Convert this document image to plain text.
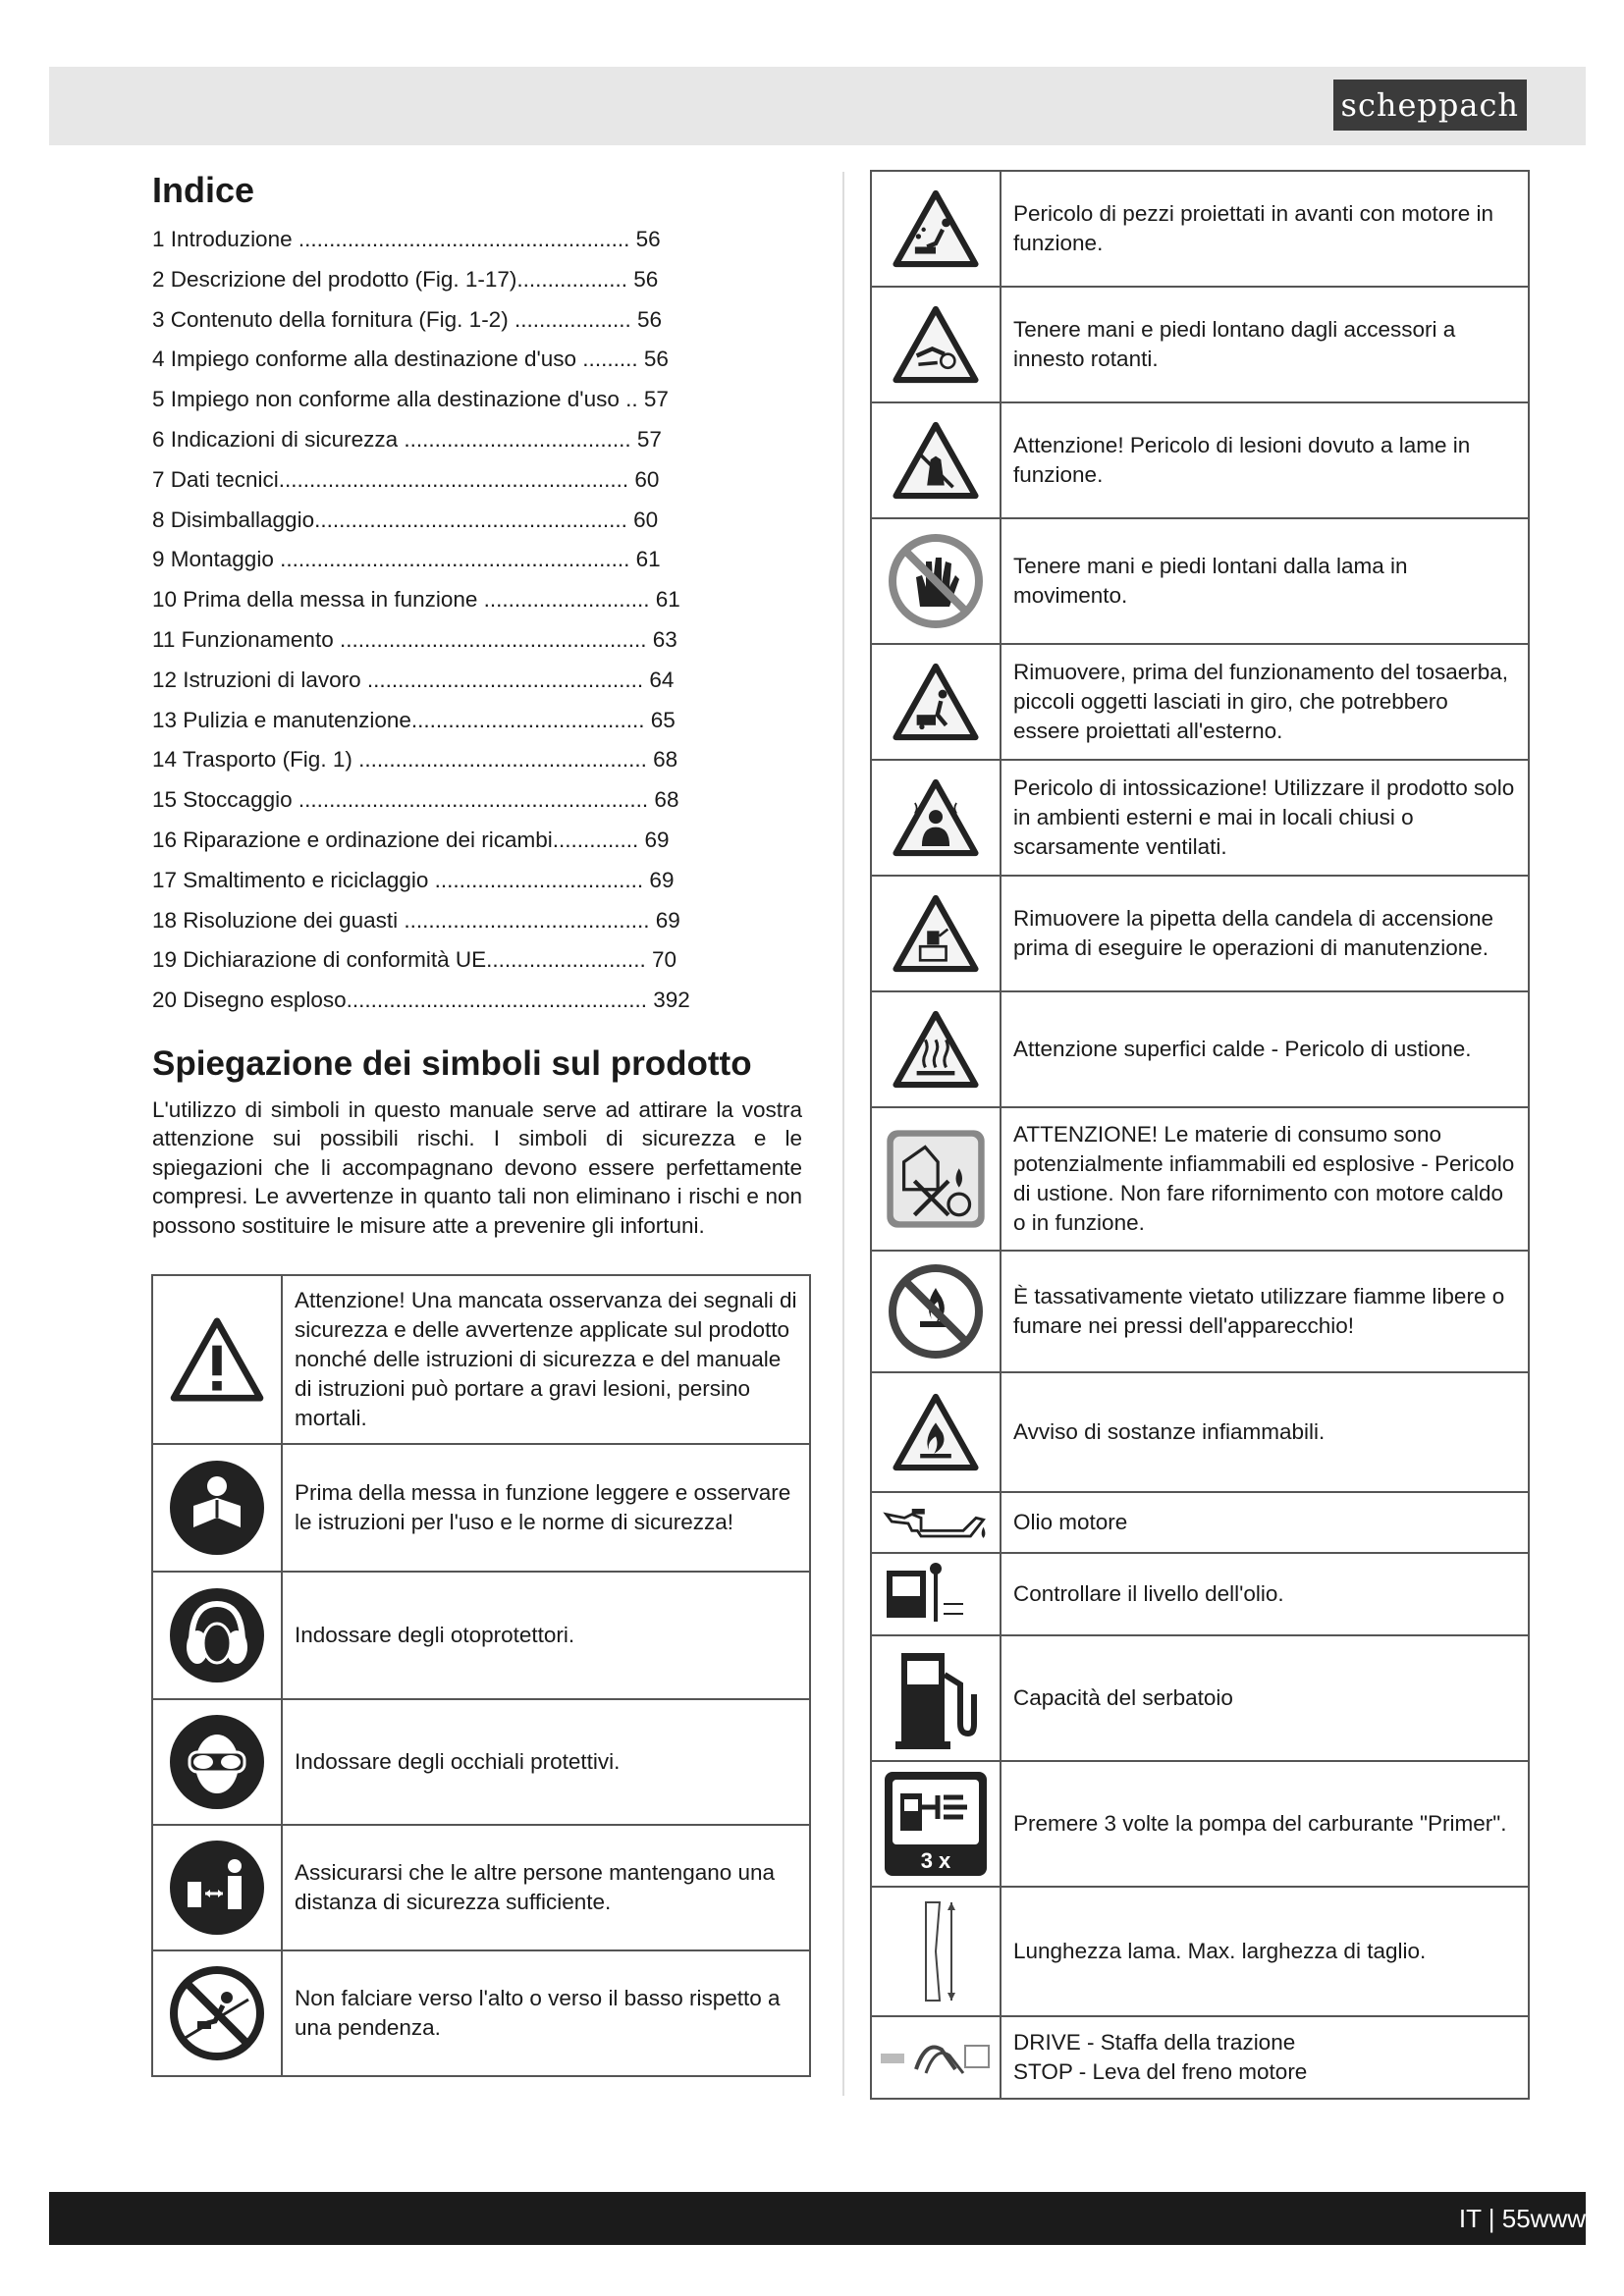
scheppach
Indice
1 Introduzione ...................................................... 56
2 Descrizione del prodotto (Fig. 1-17).................. 56
3 Contenuto della fornitura (Fig. 1-2) ................... 56
4 Impiego conforme alla destinazione d'uso ......... 56
5 Impiego non conforme alla destinazione d'uso .. 57
6 Indicazioni di sicurezza ..................................... 57
7 Dati tecnici......................................................... 60
8 Disimballaggio................................................... 60
9 Montaggio ......................................................... 61
10 Prima della messa in funzione ........................... 61
11 Funzionamento .................................................. 63
12 Istruzioni di lavoro ............................................. 64
13 Pulizia e manutenzione...................................... 65
14 Trasporto (Fig. 1) ............................................... 68
15 Stoccaggio ......................................................... 68
16 Riparazione e ordinazione dei ricambi.............. 69
17 Smaltimento e riciclaggio .................................. 69
18 Risoluzione dei guasti ........................................ 69
19 Dichiarazione di conformità UE.......................... 70
20 Disegno esploso................................................. 392
Spiegazione dei simboli sul prodotto

L'utilizzo di simboli in questo manuale serve ad attirare la vostra attenzione sui possibili rischi. I simboli di sicurezza e le spiegazioni che li accompagnano devono essere perfettamente compresi. Le avvertenze in quanto tali non eliminano i rischi e non possono sostituire le misure atte a prevenire gli infortuni.

	Attenzione! Una mancata osservanza dei segnali di sicurezza e delle avvertenze applicate sul prodotto nonché delle istruzioni di sicurezza e del manuale di istruzioni può portare a gravi lesioni, persino mortali.

	Prima della messa in funzione leggere e osservare le istruzioni per l'uso e le norme di sicurezza!

	Indossare degli otoprotettori.

	Indossare degli occhiali protettivi.

	Assicurarsi che le altre persone mantengano una distanza di sicurezza sufficiente.

	Non falciare verso l'alto o verso il basso rispetto a una pendenza.
	Pericolo di pezzi proiettati in avanti con motore in funzione.

	Tenere mani e piedi lontano dagli accessori a innesto rotanti.

	Attenzione! Pericolo di lesioni dovuto a lame in funzione.

	Tenere mani e piedi lontani dalla lama in movimento.

	Rimuovere, prima del funzionamento del tosaerba, piccoli oggetti lasciati in giro, che potrebbero essere proiettati all'esterno.

	Pericolo di intossicazione! Utilizzare il prodotto solo in ambienti esterni e mai in locali chiusi o scarsamente ventilati.

	Rimuovere la pipetta della candela di accensione prima di eseguire le operazioni di manutenzione.

	Attenzione superfici calde - Pericolo di ustione.

	ATTENZIONE! Le materie di consumo sono potenzialmente infiammabili ed esplosive - Pericolo di ustione. Non fare rifornimento con motore caldo o in funzione.

	È tassativamente vietato utilizzare fiamme libere o fumare nei pressi dell'apparecchio!

	Avviso di sostanze infiammabili.

	Olio motore

	Controllare il livello dell'olio.

	Capacità del serbatoio

3 x	Premere 3 volte la pompa del carburante "Primer".

	Lunghezza lama. Max. larghezza di taglio.

	DRIVE - Staffa della trazione
STOP - Leva del freno motore
IT | 55www
